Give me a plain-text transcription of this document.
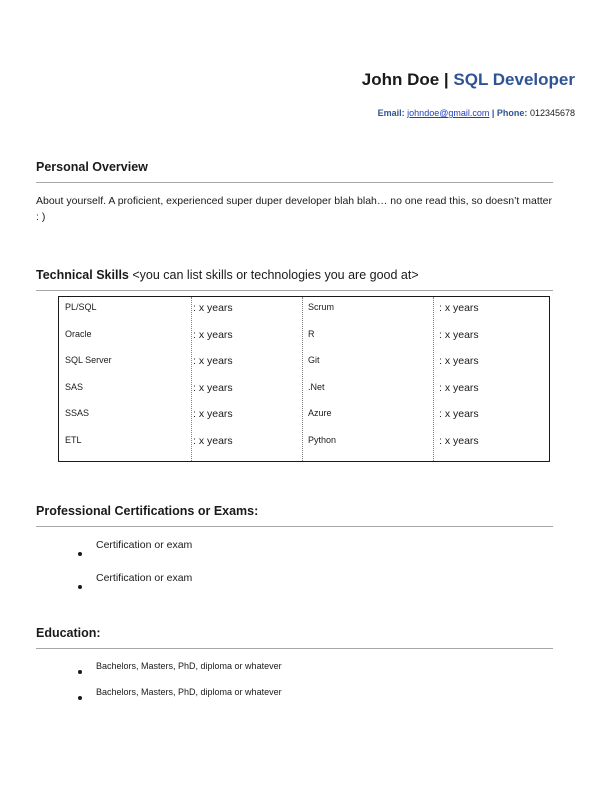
John Doe | SQL Developer
Email: johndoe@gmail.com | Phone: 012345678
Personal Overview
About yourself. A proficient, experienced super duper developer blah blah… no one read this, so doesn’t matter : )
Technical Skills <you can list skills or technologies you are good at>
PL/SQL	: x years	Scrum	: x years
Oracle	: x years	R	: x years
SQL Server	: x years	Git	: x years
SAS	: x years	.Net	: x years
SSAS	: x years	Azure	: x years
ETL	: x years	Python	: x years
Professional Certifications or Exams:
Certification or exam
Certification or exam
Education:
Bachelors, Masters, PhD, diploma or whatever
Bachelors, Masters, PhD, diploma or whatever
